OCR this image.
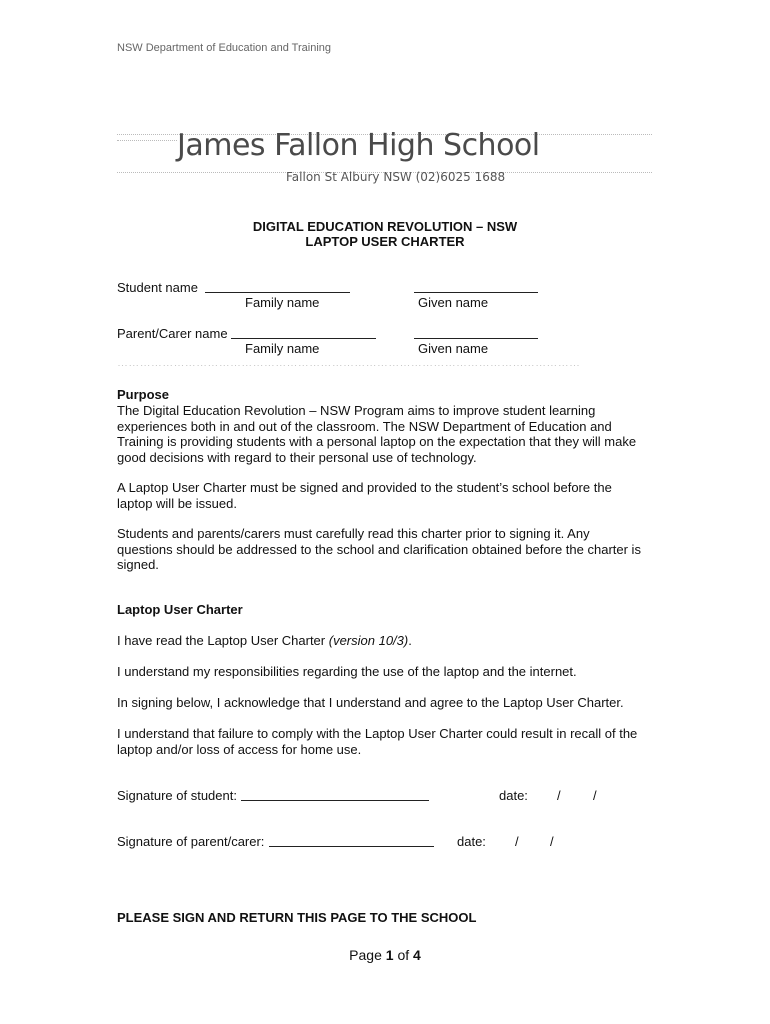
NSW Department of Education and Training
James Fallon High School
Fallon St Albury NSW (02)6025 1688
DIGITAL EDUCATION REVOLUTION – NSW
LAPTOP USER CHARTER
Student name
Family name	Given name
Parent/Carer name
Family name	Given name
……………………………………………………………………………………………………………
Purpose
The Digital Education Revolution – NSW Program aims to improve student learning experiences both in and out of the classroom. The NSW Department of Education and Training is providing students with a personal laptop on the expectation that they will make good decisions with regard to their personal use of technology.
A Laptop User Charter must be signed and provided to the student’s school before the laptop will be issued.
Students and parents/carers must carefully read this charter prior to signing it. Any questions should be addressed to the school and clarification obtained before the charter is signed.
Laptop User Charter
I have read the Laptop User Charter (version 10/3).
I understand my responsibilities regarding the use of the laptop and the internet.
In signing below, I acknowledge that I understand and agree to the Laptop User Charter.
I understand that failure to comply with the Laptop User Charter could result in recall of the laptop and/or loss of access for home use.
Signature of student:	date: / /
Signature of parent/carer:	date: / /
PLEASE SIGN AND RETURN THIS PAGE TO THE SCHOOL
Page 1 of 4
